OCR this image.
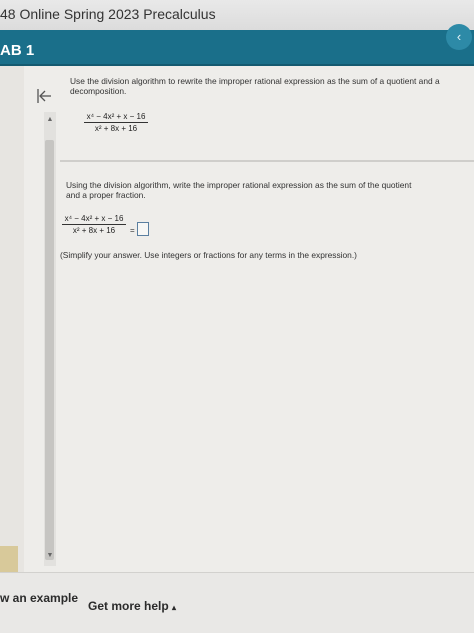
48 Online Spring 2023 Precalculus
AB 1
‹
▲
▼
Use the division algorithm to rewrite the improper rational expression as the sum of a quotient and a
decomposition.
x⁴ − 4x² + x − 16
x² + 8x + 16
Using the division algorithm, write the improper rational expression as the sum of the quotient and a proper fraction.
x⁴ − 4x² + x − 16
x² + 8x + 16	=
(Simplify your answer. Use integers or fractions for any terms in the expression.)
w an example
Get more help ▴
